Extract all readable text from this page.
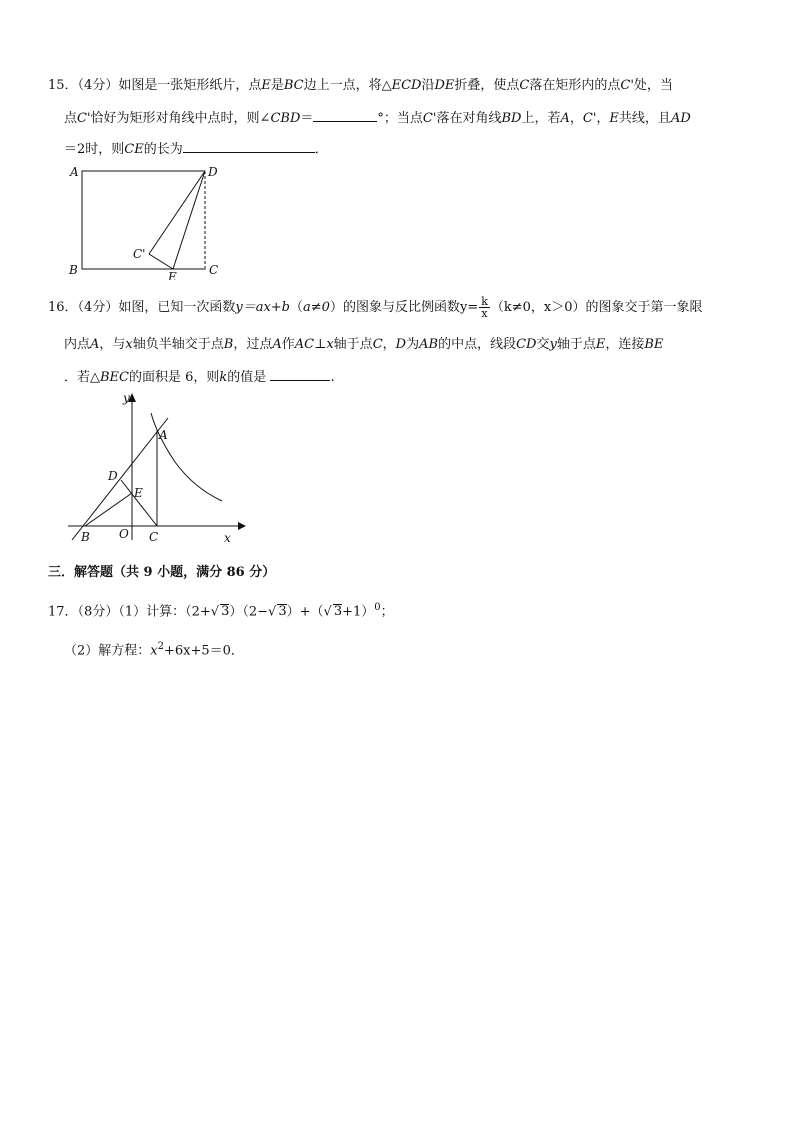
15．（4分）如图是一张矩形纸片，点E是BC边上一点，将△ECD沿DE折叠，使点C落在矩形内的点C'处，当
点C'恰好为矩形对角线中点时，则∠CBD＝	°；当点C'落在对角线BD上，若A，C'，E共线，且AD
＝2时，则CE的长为	．
A	D
B	C
E
C'
16．（4分）如图，已知一次函数y＝ax+b（a≠0）的图象与反比例函数$y= \frac{k}{x} (k\ne 0$，x＞0）的图象交于第一象限
内点A，与x轴负半轴交于点B，过点A作AC⊥x轴于点C，D为AB的中点，线段CD交y轴于点E，连接BE
．若△BEC的面积是 6，则k的值是	.
y
x
A
D
E
B O C
三．解答题（共 9 小题，满分 86 分）
17．（8分）（1）计算：（2+√ 3）（2−√ 3）+（√ 3+1）$^0$；
（2）解方程：$x^2+6x+5=0$．
